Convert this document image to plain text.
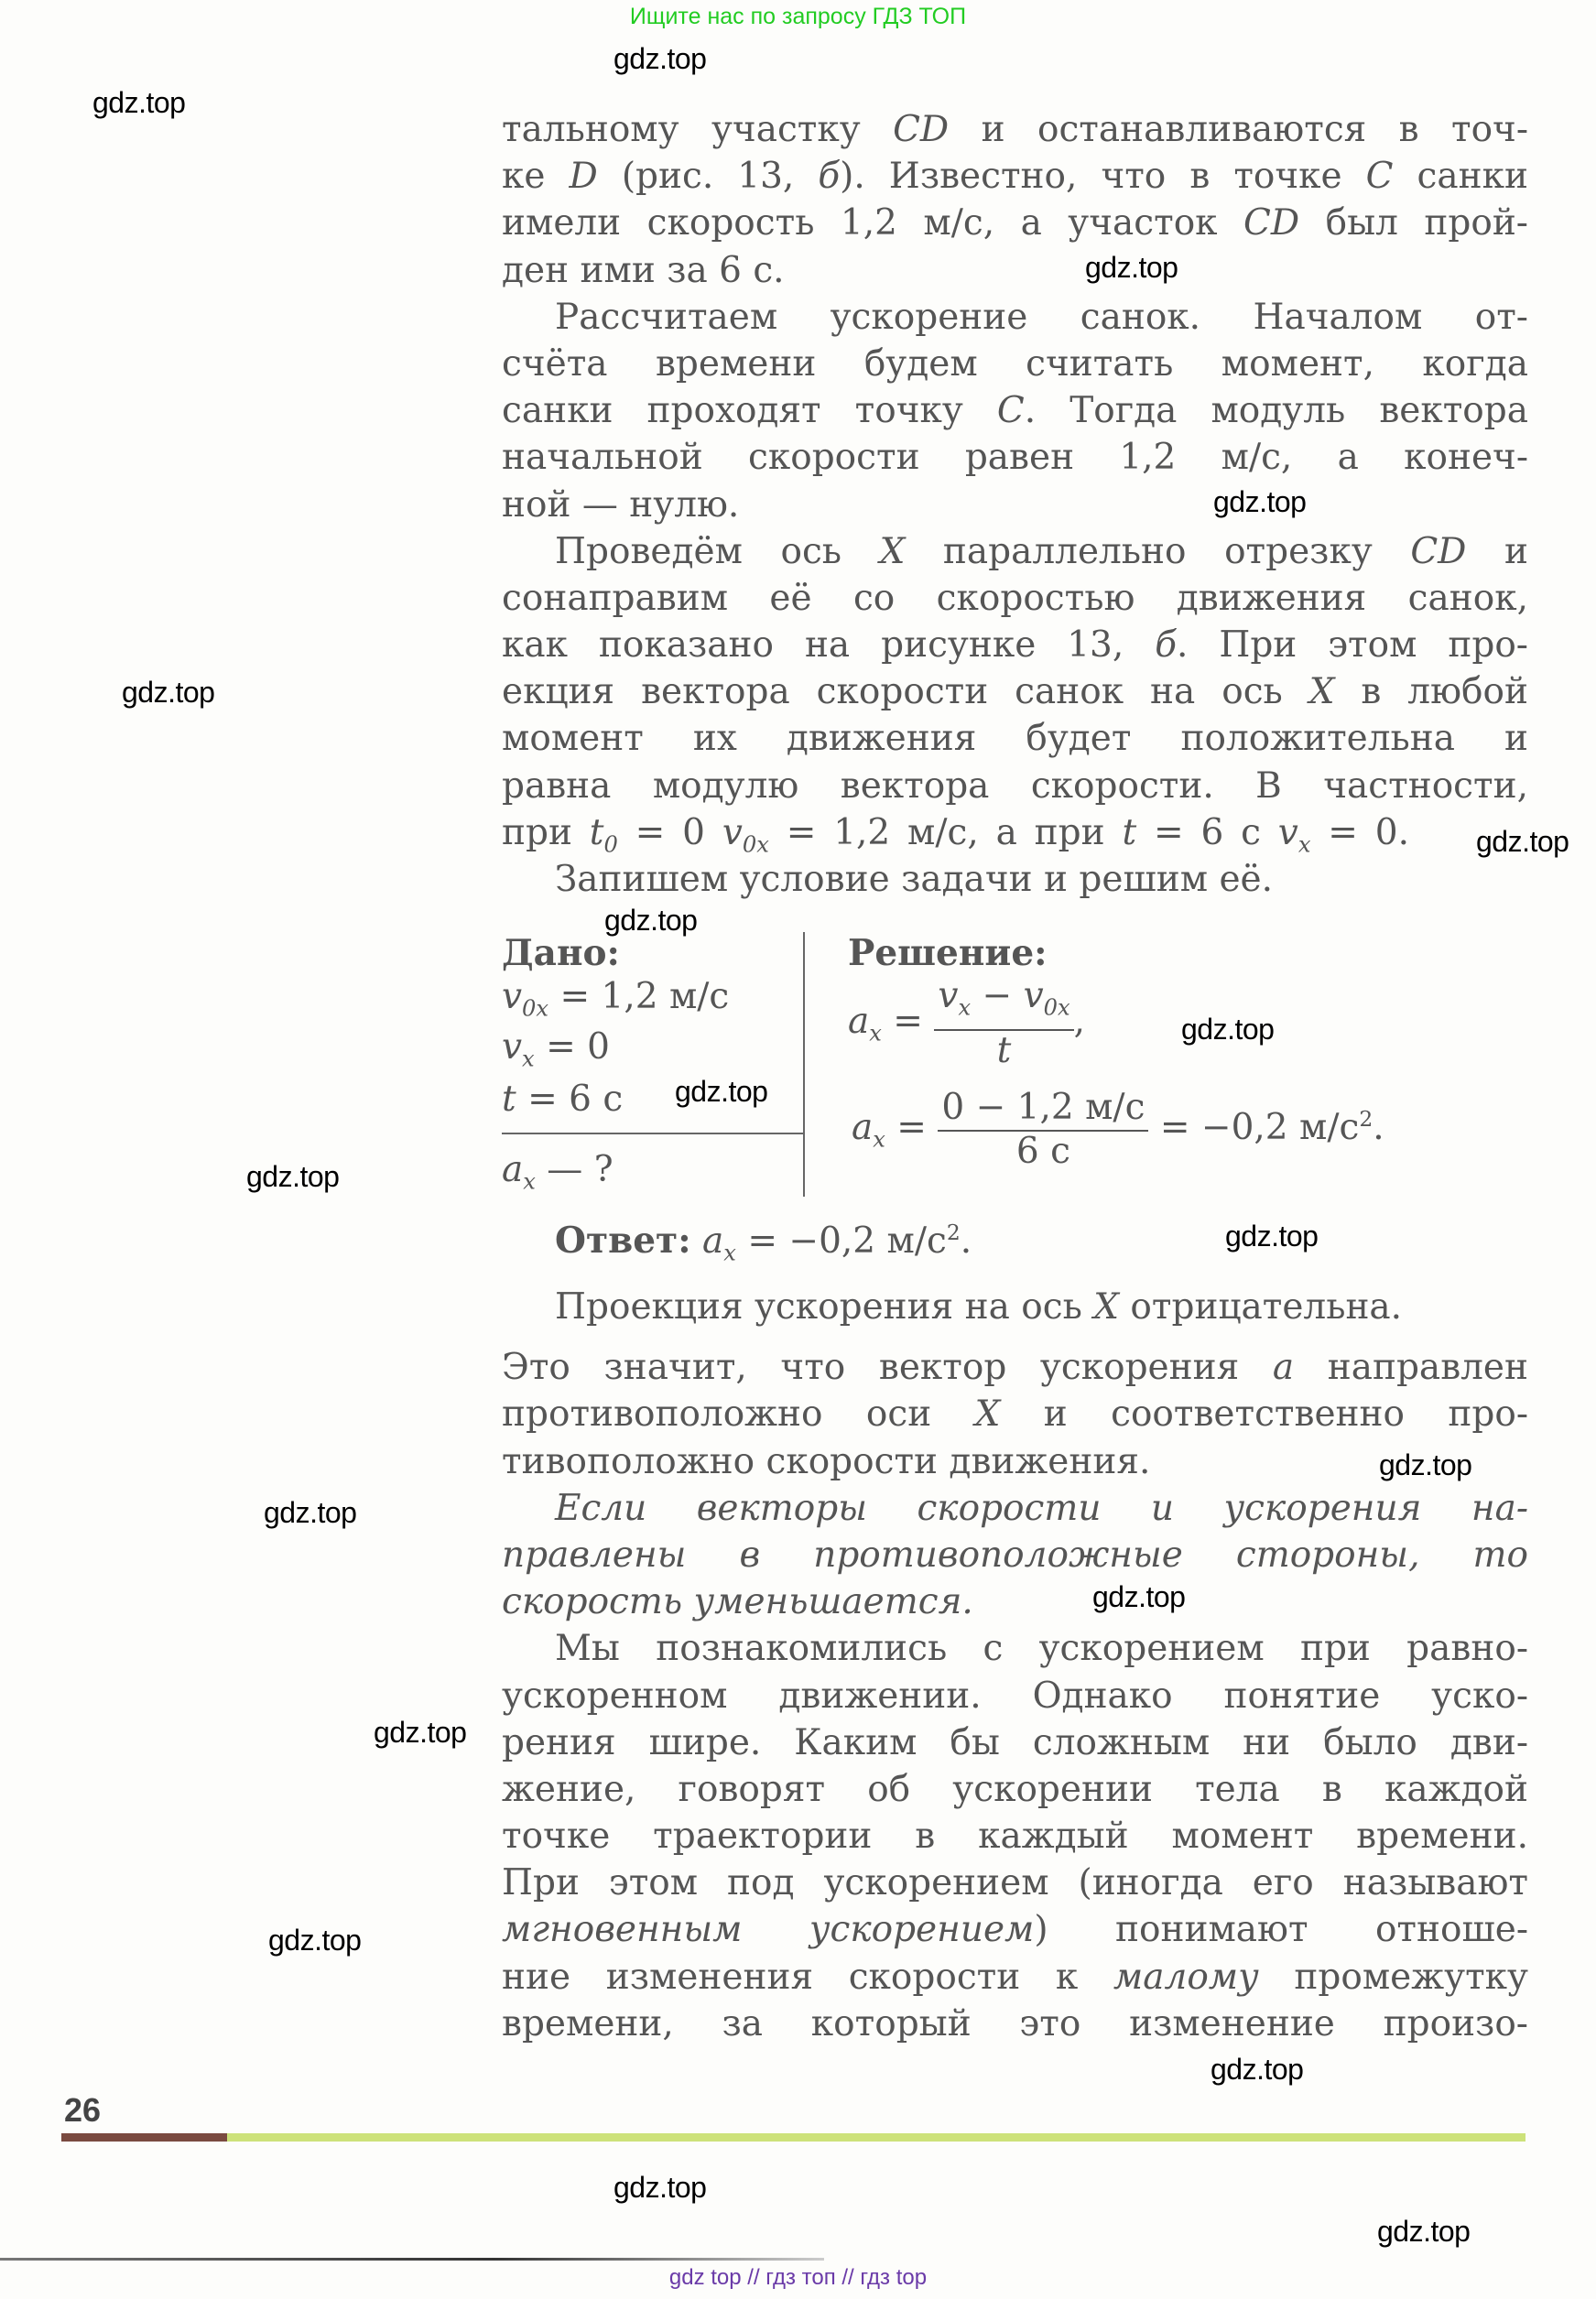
Ищите нас по запросу ГДЗ ТОП
тальному участку CD и останавливаются в точ-
ке D (рис. 13, б). Известно, что в точке C санки
имели скорость 1,2 м/с, а участок CD был прой-
ден ими за 6 с.
Рассчитаем ускорение санок. Началом от-
счёта времени будем считать момент, когда
санки проходят точку C. Тогда модуль вектора
начальной скорости равен 1,2 м/с, а конеч-
ной — нулю.
Проведём ось X параллельно отрезку CD и
сонаправим её со скоростью движения санок,
как показано на рисунке 13, б. При этом про-
екция вектора скорости санок на ось X в любой
момент их движения будет положительна и
равна модулю вектора скорости. В частности,
при $t_0 = 0$ $v_{0x} = 1,2$ м/с, а при t = 6 с $v_x = 0$.
Запишем условие задачи и решим её.
Дано:
$v_{0x} = 1,2$ м/с
$v_x = 0$
t = 6 с
$a_x$ — ?
Решение:
$a_x = \frac{v_x - v_{0x}}{t}$ ,
$a_x = \frac{0 - 1,2 м/с}{6 с} = -0,2$ $м/с^2$.
Ответ: $a_x = -0,2$ $м/с^2$.
Проекция ускорения на ось X отрицательна.
Это значит, что вектор ускорения → a направлен
противоположно оси X и соответственно про-
тивоположно скорости движения.
Если векторы скорости и ускорения на-
правлены в противоположные стороны, то
скорость уменьшается.
Мы познакомились с ускорением при равно-
ускоренном движении. Однако понятие уско-
рения шире. Каким бы сложным ни было дви-
жение, говорят об ускорении тела в каждой
точке траектории в каждый момент времени.
При этом под ускорением (иногда его называют
мгновенным ускорением) понимают отноше-
ние изменения скорости к малому промежутку
времени, за который это изменение произо-
26
gdz.top
gdz.top
gdz.top
gdz.top
gdz.top
gdz.top
gdz.top
gdz.top
gdz.top
gdz.top
gdz.top
gdz.top
gdz.top
gdz.top
gdz.top
gdz.top
gdz.top
gdz.top
gdz.top
gdz top // гдз топ // гдз top
